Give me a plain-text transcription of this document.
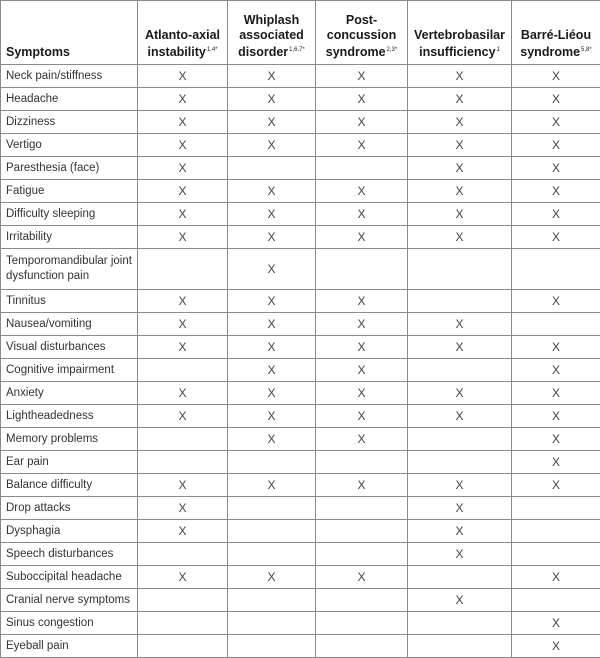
Symptoms	Atlanto-axial instability$^{1,4*}$	Whiplash associated disorder$^{1,6,7*}$	Post-concussion syndrome$^{2,3*}$	Vertebrobasilar insufficiency$^1$	Barré-Liéou syndrome$^{5,8*}$
Neck pain/stiffness	X	X	X	X	X
Headache	X	X	X	X	X
Dizziness	X	X	X	X	X
Vertigo	X	X	X	X	X
Paresthesia (face)	X			X	X
Fatigue	X	X	X	X	X
Difficulty sleeping	X	X	X	X	X
Irritability	X	X	X	X	X
Temporomandibular joint dysfunction pain		X			
Tinnitus	X	X	X		X
Nausea/vomiting	X	X	X	X	
Visual disturbances	X	X	X	X	X
Cognitive impairment		X	X		X
Anxiety	X	X	X	X	X
Lightheadedness	X	X	X	X	X
Memory problems		X	X		X
Ear pain					X
Balance difficulty	X	X	X	X	X
Drop attacks	X			X	
Dysphagia	X			X	
Speech disturbances				X	
Suboccipital headache	X	X	X		X
Cranial nerve symptoms				X	
Sinus congestion					X
Eyeball pain					X
